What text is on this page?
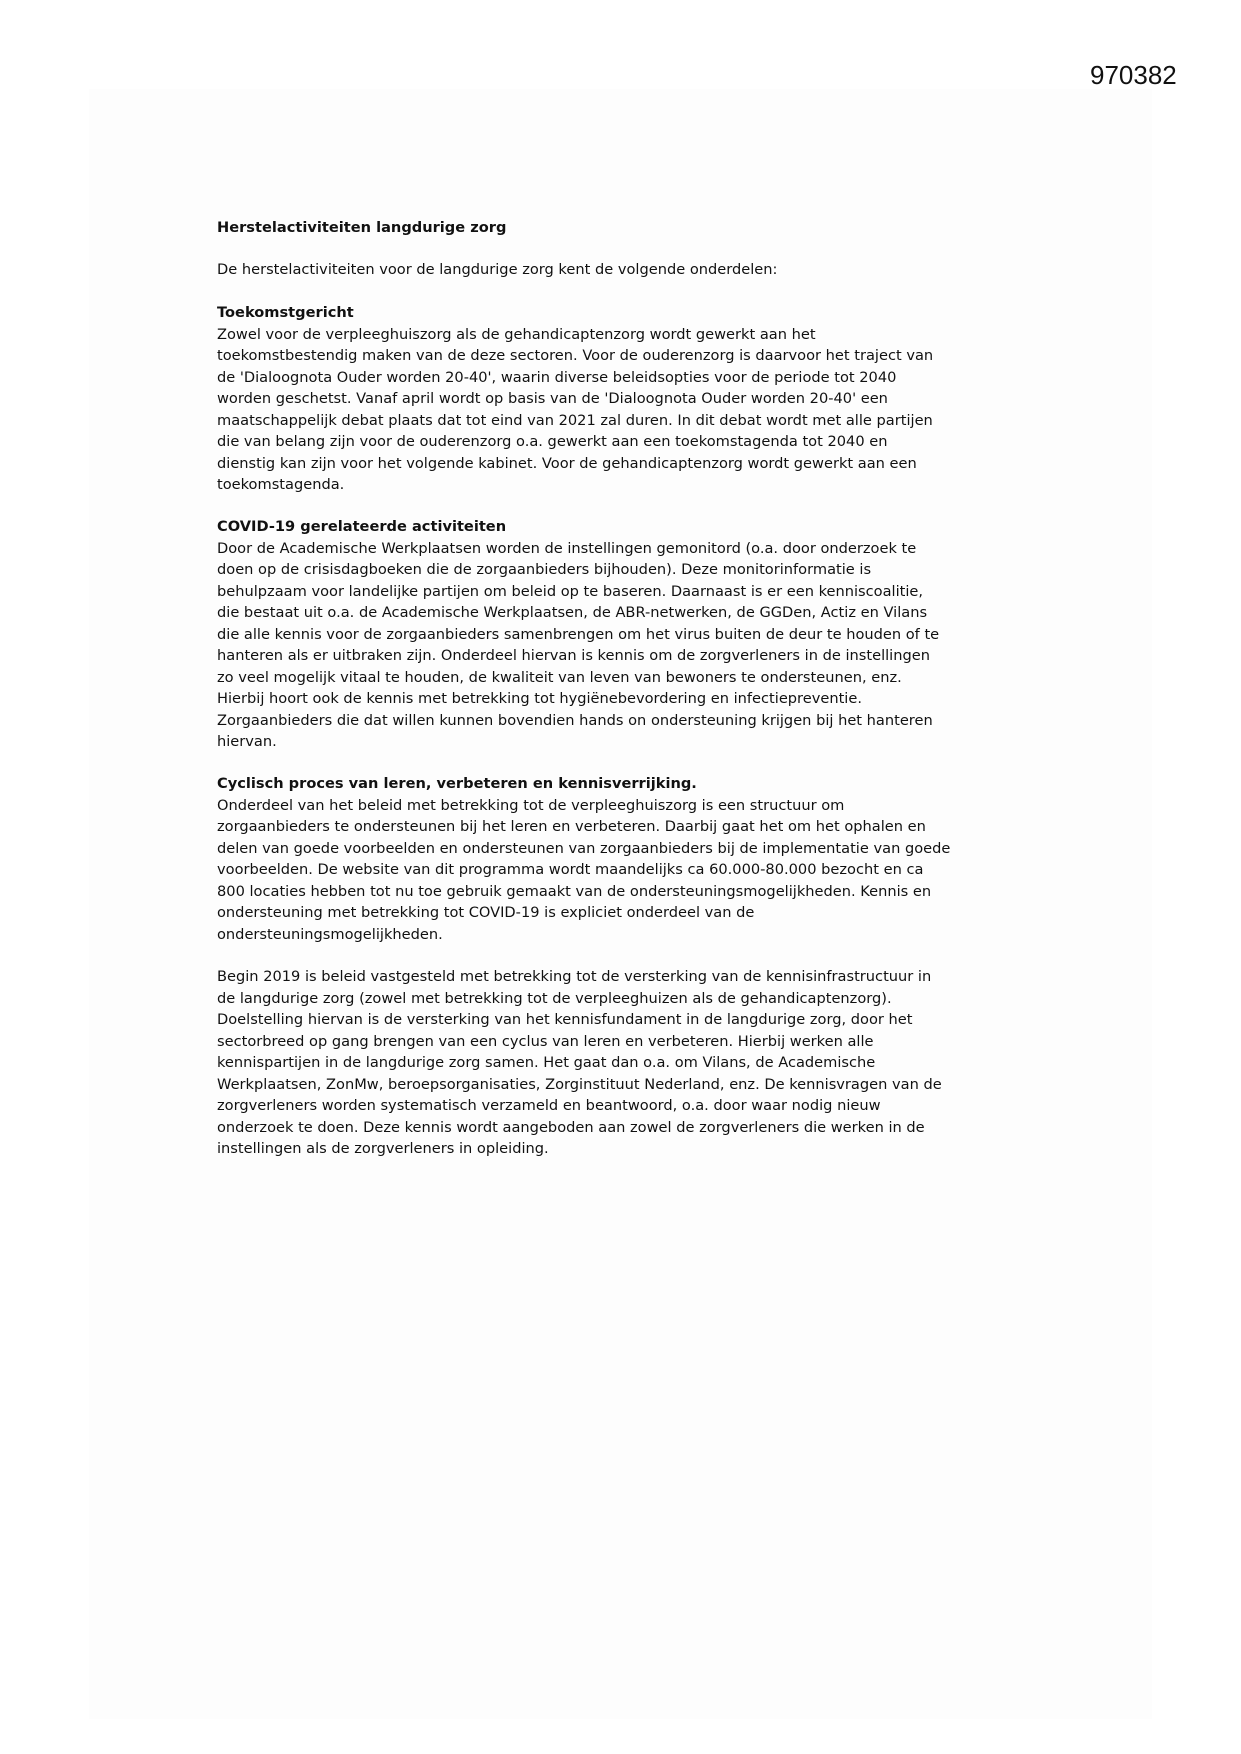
970382
Herstelactiviteiten langdurige zorg
De herstelactiviteiten voor de langdurige zorg kent de volgende onderdelen:
Toekomstgericht
Zowel voor de verpleeghuiszorg als de gehandicaptenzorg wordt gewerkt aan het
toekomstbestendig maken van de deze sectoren. Voor de ouderenzorg is daarvoor het traject van
de 'Dialoognota Ouder worden 20-40', waarin diverse beleidsopties voor de periode tot 2040
worden geschetst. Vanaf april wordt op basis van de 'Dialoognota Ouder worden 20-40' een
maatschappelijk debat plaats dat tot eind van 2021 zal duren. In dit debat wordt met alle partijen
die van belang zijn voor de ouderenzorg o.a. gewerkt aan een toekomstagenda tot 2040 en
dienstig kan zijn voor het volgende kabinet. Voor de gehandicaptenzorg wordt gewerkt aan een
toekomstagenda.
COVID-19 gerelateerde activiteiten
Door de Academische Werkplaatsen worden de instellingen gemonitord (o.a. door onderzoek te
doen op de crisisdagboeken die de zorgaanbieders bijhouden). Deze monitorinformatie is
behulpzaam voor landelijke partijen om beleid op te baseren. Daarnaast is er een kenniscoalitie,
die bestaat uit o.a. de Academische Werkplaatsen, de ABR-netwerken, de GGDen, Actiz en Vilans
die alle kennis voor de zorgaanbieders samenbrengen om het virus buiten de deur te houden of te
hanteren als er uitbraken zijn. Onderdeel hiervan is kennis om de zorgverleners in de instellingen
zo veel mogelijk vitaal te houden, de kwaliteit van leven van bewoners te ondersteunen, enz.
Hierbij hoort ook de kennis met betrekking tot hygiënebevordering en infectiepreventie.
Zorgaanbieders die dat willen kunnen bovendien hands on ondersteuning krijgen bij het hanteren
hiervan.
Cyclisch proces van leren, verbeteren en kennisverrijking.
Onderdeel van het beleid met betrekking tot de verpleeghuiszorg is een structuur om
zorgaanbieders te ondersteunen bij het leren en verbeteren. Daarbij gaat het om het ophalen en
delen van goede voorbeelden en ondersteunen van zorgaanbieders bij de implementatie van goede
voorbeelden. De website van dit programma wordt maandelijks ca 60.000-80.000 bezocht en ca
800 locaties hebben tot nu toe gebruik gemaakt van de ondersteuningsmogelijkheden. Kennis en
ondersteuning met betrekking tot COVID-19 is expliciet onderdeel van de
ondersteuningsmogelijkheden.
Begin 2019 is beleid vastgesteld met betrekking tot de versterking van de kennisinfrastructuur in
de langdurige zorg (zowel met betrekking tot de verpleeghuizen als de gehandicaptenzorg).
Doelstelling hiervan is de versterking van het kennisfundament in de langdurige zorg, door het
sectorbreed op gang brengen van een cyclus van leren en verbeteren. Hierbij werken alle
kennispartijen in de langdurige zorg samen. Het gaat dan o.a. om Vilans, de Academische
Werkplaatsen, ZonMw, beroepsorganisaties, Zorginstituut Nederland, enz. De kennisvragen van de
zorgverleners worden systematisch verzameld en beantwoord, o.a. door waar nodig nieuw
onderzoek te doen. Deze kennis wordt aangeboden aan zowel de zorgverleners die werken in de
instellingen als de zorgverleners in opleiding.
